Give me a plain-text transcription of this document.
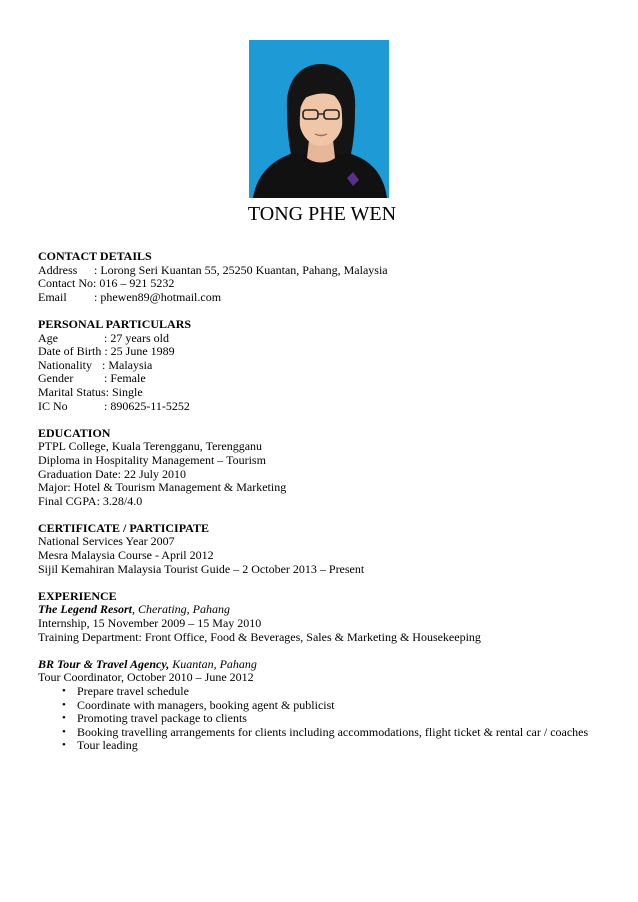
TONG PHE WEN
CONTACT DETAILS
Address : Lorong Seri Kuantan 55, 25250 Kuantan, Pahang, Malaysia
Contact No: 016 – 921 5232
Email : phewen89@hotmail.com
PERSONAL PARTICULARS
Age	: 27 years old
Date of Birth : 25 June 1989
Nationality : Malaysia
Gender	: Female
Marital Status: Single
IC No	: 890625-11-5252
EDUCATION
PTPL College, Kuala Terengganu, Terengganu
Diploma in Hospitality Management – Tourism
Graduation Date: 22 July 2010
Major: Hotel & Tourism Management & Marketing
Final CGPA: 3.28/4.0
CERTIFICATE / PARTICIPATE
National Services Year 2007
Mesra Malaysia Course - April 2012
Sijil Kemahiran Malaysia Tourist Guide – 2 October 2013 – Present
EXPERIENCE
The Legend Resort, Cherating, Pahang
Internship, 15 November 2009 – 15 May 2010
Training Department: Front Office, Food & Beverages, Sales & Marketing & Housekeeping
BR Tour & Travel Agency, Kuantan, Pahang
Tour Coordinator, October 2010 – June 2012
• Prepare travel schedule
• Coordinate with managers, booking agent & publicist
• Promoting travel package to clients
• Booking travelling arrangements for clients including accommodations, flight ticket & rental car / coaches
• Tour leading
